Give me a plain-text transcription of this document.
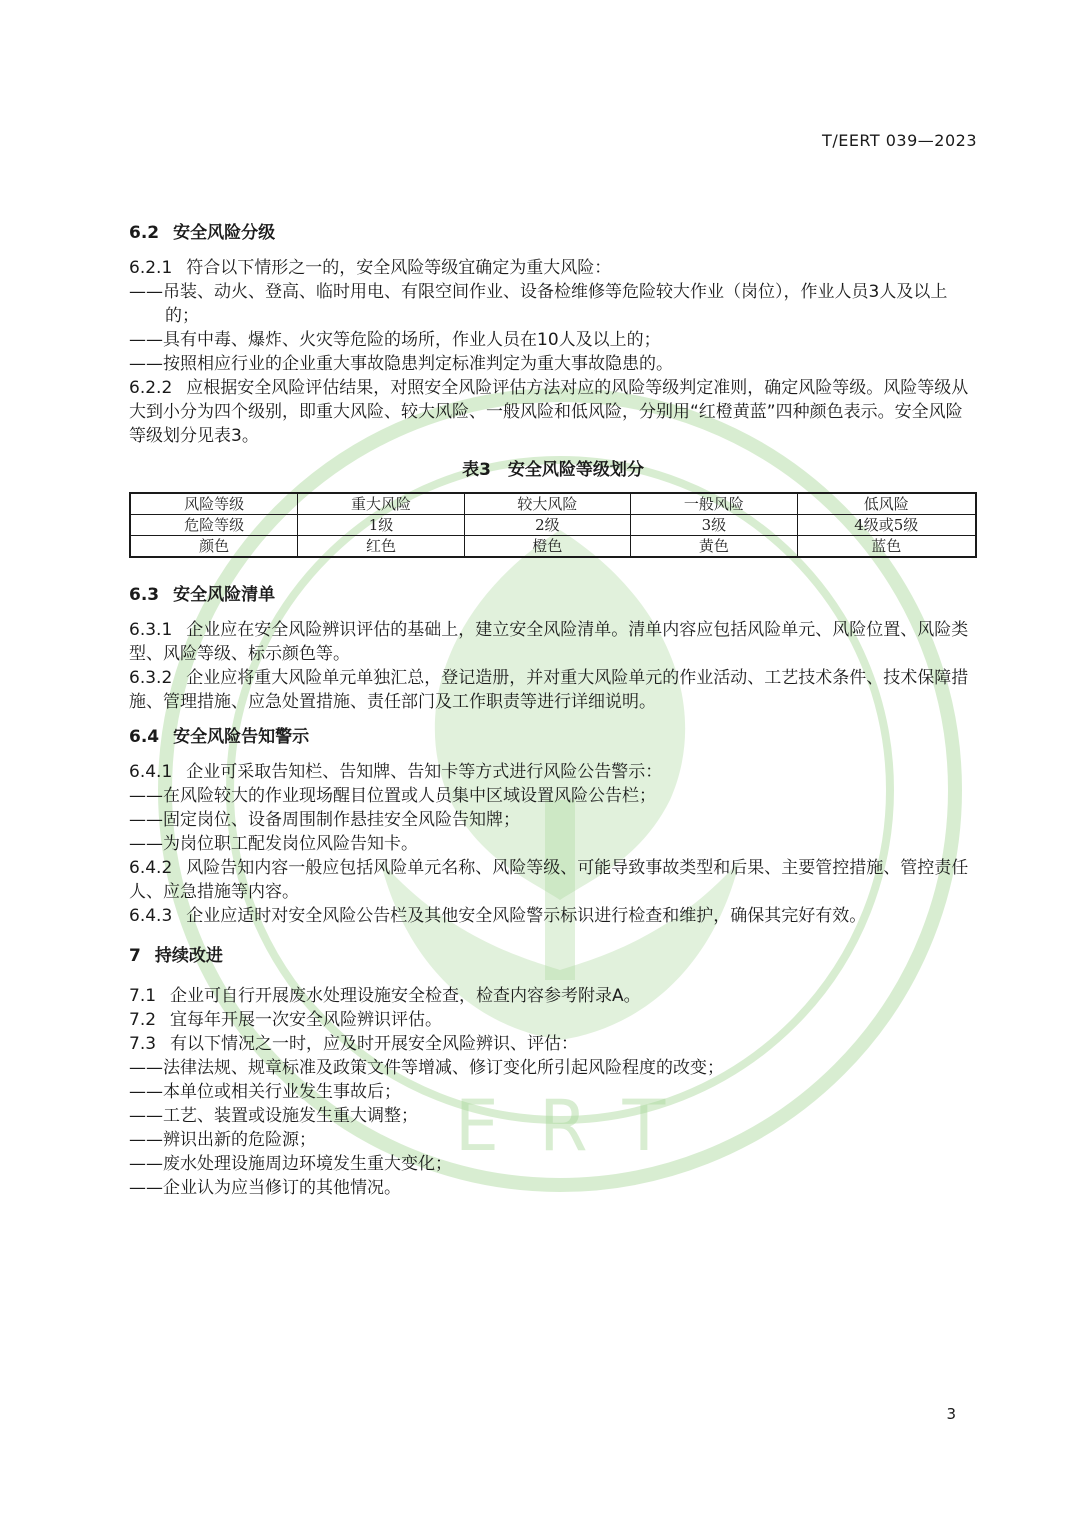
ERT
T/EERT 039—2023

6.2 安全风险分级

6.2.1 符合以下情形之一的，安全风险等级宜确定为重大风险：

——吊装、动火、登高、临时用电、有限空间作业、设备检维修等危险较大作业（岗位），作业人员3人及以上的；

——具有中毒、爆炸、火灾等危险的场所，作业人员在10人及以上的；

——按照相应行业的企业重大事故隐患判定标准判定为重大事故隐患的。

6.2.2 应根据安全风险评估结果，对照安全风险评估方法对应的风险等级判定准则，确定风险等级。风险等级从大到小分为四个级别，即重大风险、较大风险、一般风险和低风险，分别用“红橙黄蓝”四种颜色表示。安全风险等级划分见表3。

表3　安全风险等级划分

风险等级	重大风险	较大风险	一般风险	低风险
危险等级	1级	2级	3级	4级或5级
颜色	红色	橙色	黄色	蓝色

6.3 安全风险清单

6.3.1 企业应在安全风险辨识评估的基础上，建立安全风险清单。清单内容应包括风险单元、风险位置、风险类型、风险等级、标示颜色等。

6.3.2 企业应将重大风险单元单独汇总，登记造册，并对重大风险单元的作业活动、工艺技术条件、技术保障措施、管理措施、应急处置措施、责任部门及工作职责等进行详细说明。

6.4 安全风险告知警示

6.4.1 企业可采取告知栏、告知牌、告知卡等方式进行风险公告警示：

——在风险较大的作业现场醒目位置或人员集中区域设置风险公告栏；

——固定岗位、设备周围制作悬挂安全风险告知牌；

——为岗位职工配发岗位风险告知卡。

6.4.2 风险告知内容一般应包括风险单元名称、风险等级、可能导致事故类型和后果、主要管控措施、管控责任人、应急措施等内容。

6.4.3 企业应适时对安全风险公告栏及其他安全风险警示标识进行检查和维护，确保其完好有效。

7 持续改进

7.1 企业可自行开展废水处理设施安全检查，检查内容参考附录A。

7.2 宜每年开展一次安全风险辨识评估。

7.3 有以下情况之一时，应及时开展安全风险辨识、评估：

——法律法规、规章标准及政策文件等增减、修订变化所引起风险程度的改变；

——本单位或相关行业发生事故后；

——工艺、装置或设施发生重大调整；

——辨识出新的危险源；

——废水处理设施周边环境发生重大变化；

——企业认为应当修订的其他情况。

3
